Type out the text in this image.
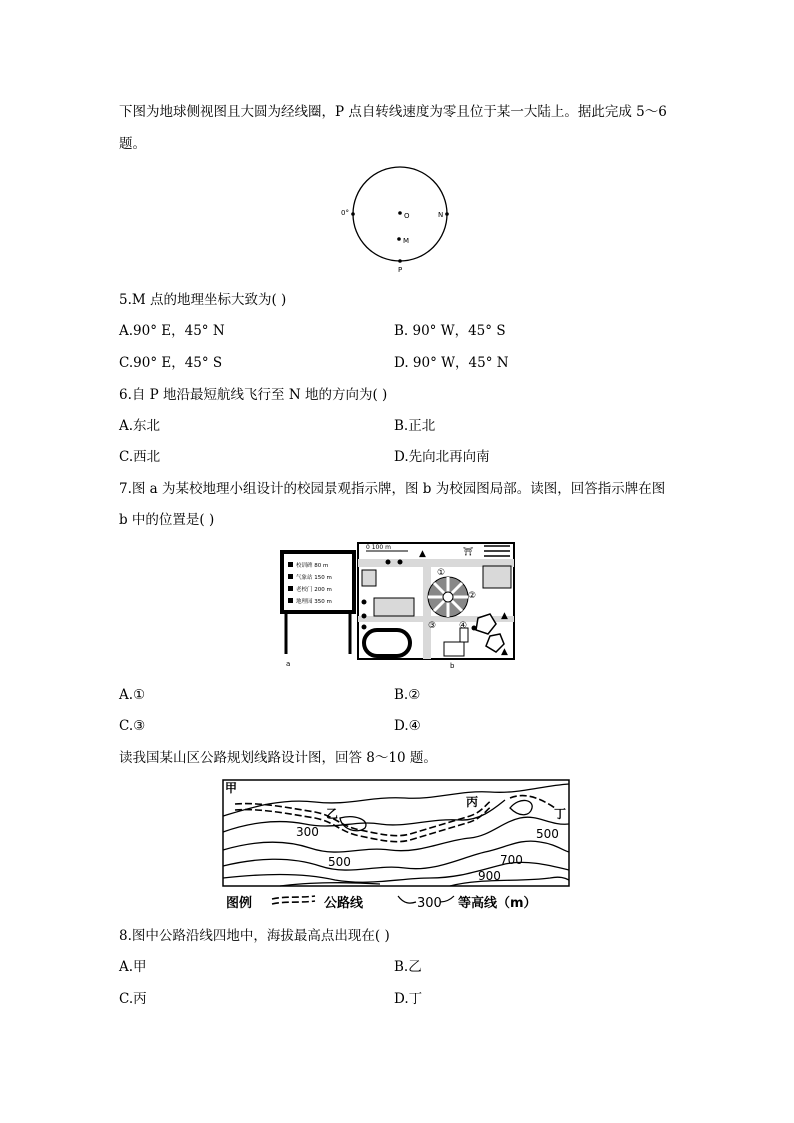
下图为地球侧视图且大圆为经线圈，P 点自转线速度为零且位于某一大陆上。据此完成 5～6
题。
0°	N
O
M
P
5.M 点的地理坐标大致为( )
A.90° E，45° N	B. 90° W，45° S
C.90° E，45° S	D. 90° W，45° N
6.自 P 地沿最短航线飞行至 N 地的方向为( )
A.东北	B.正北
C.西北	D.先向北再向南
7.图 a 为某校地理小组设计的校园景观指示牌，图 b 为校园图局部。读图，回答指示牌在图
b 中的位置是( )
校训碑 80 m
气象站 150 m
老校门 200 m
地理园 350 m
a
0 100 m	⛩
▲
▲
▲
①
②
③	④
b
A.①	B.②
C.③	D.④
读我国某山区公路规划线路设计图，回答 8～10 题。
甲
乙
丙
丁
300
500
500
700
900
图例	公路线	300 等高线（m）
8.图中公路沿线四地中，海拔最高点出现在( )
A.甲	B.乙
C.丙	D.丁
